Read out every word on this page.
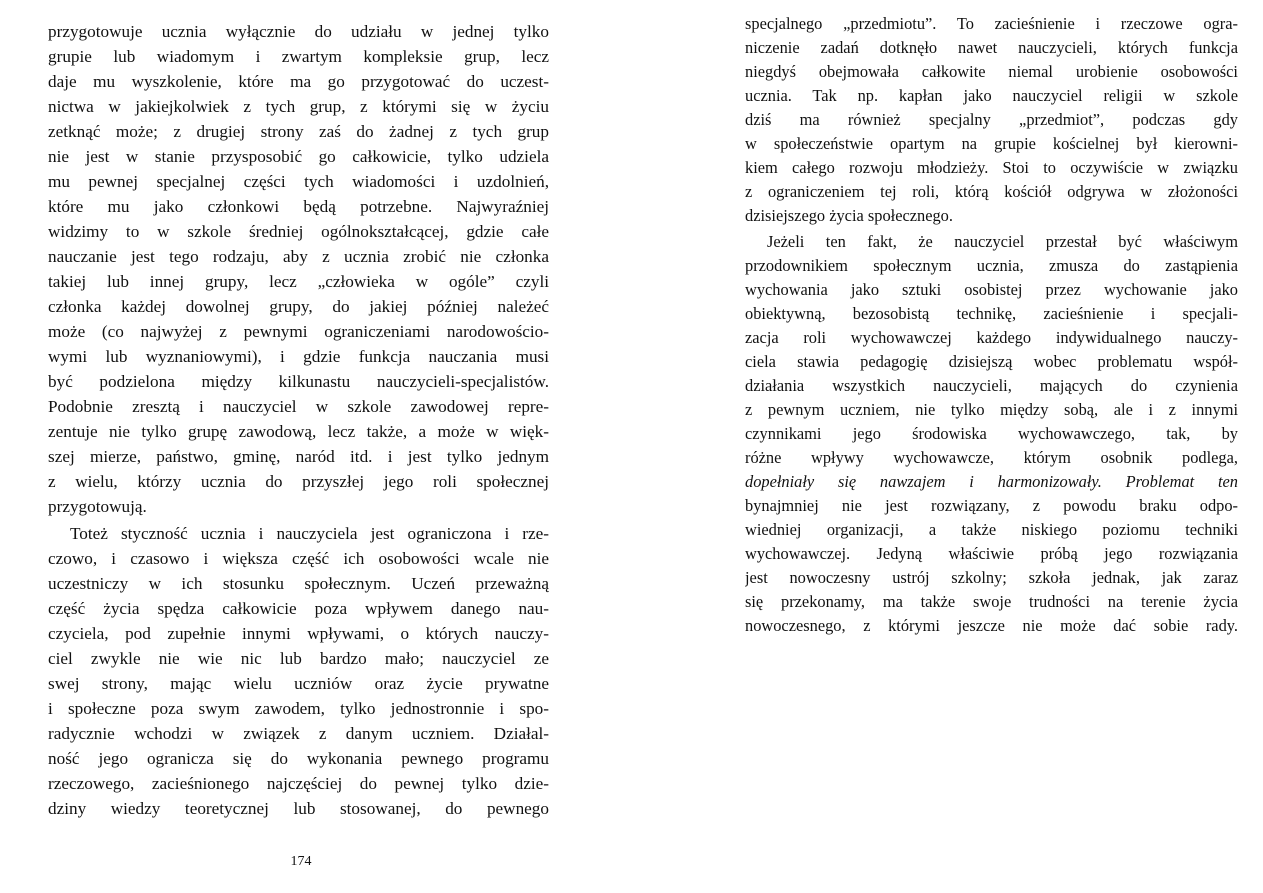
przygotowuje ucznia wyłącznie do udziału w jednej tylko
grupie lub wiadomym i zwartym kompleksie grup, lecz
daje mu wyszkolenie, które ma go przygotować do uczest-
nictwa w jakiejkolwiek z tych grup, z którymi się w życiu
zetknąć może; z drugiej strony zaś do żadnej z tych grup
nie jest w stanie przysposobić go całkowicie, tylko udziela
mu pewnej specjalnej części tych wiadomości i uzdolnień,
które mu jako członkowi będą potrzebne. Najwyraźniej
widzimy to w szkole średniej ogólnokształcącej, gdzie całe
nauczanie jest tego rodzaju, aby z ucznia zrobić nie członka
takiej lub innej grupy, lecz „człowieka w ogóle” czyli
członka każdej dowolnej grupy, do jakiej później należeć
może (co najwyżej z pewnymi ograniczeniami narodowościo-
wymi lub wyznaniowymi), i gdzie funkcja nauczania musi
być podzielona między kilkunastu nauczycieli-specjalistów.
Podobnie zresztą i nauczyciel w szkole zawodowej repre-
zentuje nie tylko grupę zawodową, lecz także, a może w więk-
szej mierze, państwo, gminę, naród itd. i jest tylko jednym
z wielu, którzy ucznia do przyszłej jego roli społecznej
przygotowują.
Toteż styczność ucznia i nauczyciela jest ograniczona i rze-
czowo, i czasowo i większa część ich osobowości wcale nie
uczestniczy w ich stosunku społecznym. Uczeń przeważną
część życia spędza całkowicie poza wpływem danego nau-
czyciela, pod zupełnie innymi wpływami, o których nauczy-
ciel zwykle nie wie nic lub bardzo mało; nauczyciel ze
swej strony, mając wielu uczniów oraz życie prywatne
i społeczne poza swym zawodem, tylko jednostronnie i spo-
radycznie wchodzi w związek z danym uczniem. Działal-
ność jego ogranicza się do wykonania pewnego programu
rzeczowego, zacieśnionego najczęściej do pewnej tylko dzie-
dziny wiedzy teoretycznej lub stosowanej, do pewnego
174
specjalnego „przedmiotu”. To zacieśnienie i rzeczowe ogra-
niczenie zadań dotknęło nawet nauczycieli, których funkcja
niegdyś obejmowała całkowite niemal urobienie osobowości
ucznia. Tak np. kapłan jako nauczyciel religii w szkole
dziś ma również specjalny „przedmiot”, podczas gdy
w społeczeństwie opartym na grupie kościelnej był kierowni-
kiem całego rozwoju młodzieży. Stoi to oczywiście w związku
z ograniczeniem tej roli, którą kościół odgrywa w złożoności
dzisiejszego życia społecznego.
Jeżeli ten fakt, że nauczyciel przestał być właściwym
przodownikiem społecznym ucznia, zmusza do zastąpienia
wychowania jako sztuki osobistej przez wychowanie jako
obiektywną, bezosobistą technikę, zacieśnienie i specjali-
zacja roli wychowawczej każdego indywidualnego nauczy-
ciela stawia pedagogię dzisiejszą wobec problematu współ-
działania wszystkich nauczycieli, mających do czynienia
z pewnym uczniem, nie tylko między sobą, ale i z innymi
czynnikami jego środowiska wychowawczego, tak, by
różne wpływy wychowawcze, którym osobnik podlega,
dopełniały się nawzajem i harmonizowały. Problemat ten
bynajmniej nie jest rozwiązany, z powodu braku odpo-
wiedniej organizacji, a także niskiego poziomu techniki
wychowawczej. Jedyną właściwie próbą jego rozwiązania
jest nowoczesny ustrój szkolny; szkoła jednak, jak zaraz
się przekonamy, ma także swoje trudności na terenie życia
nowoczesnego, z którymi jeszcze nie może dać sobie rady.
